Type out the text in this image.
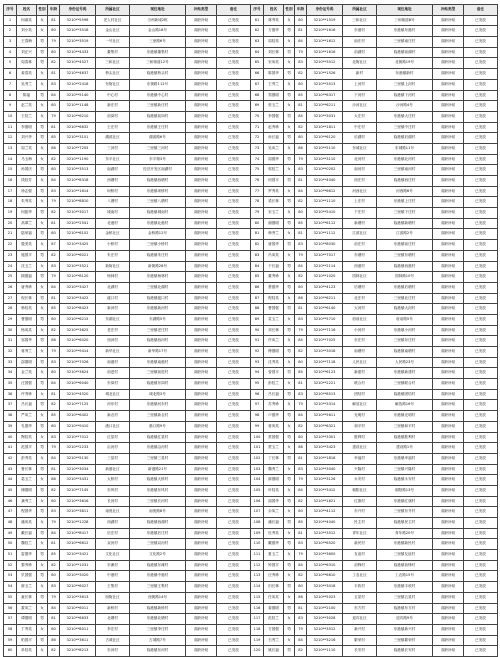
序号	姓名	性别	年龄	身份证号码	所属社区	现住地址	补贴类型	备注
1	何淑英	女	81	3210**5598	老人村社区	当州新城2栋	高龄补贴	已发放
2	刘小英	女	80	3210**3518	金山社区	金山路18号	高龄补贴	已发放
3	王春梅	男	79	3210**3519	一号社区	三里路6号	高龄补贴	已发放
4	刘正兴	男	80	3210**4433	董集村	东港镇董集村	高龄补贴	已发放
5	周春林	男	82	3210**4527	三和社区	三和街道12号	高龄补贴	已发放
6	姜春英	女	81	3210**4637	桥头社区	临港镇桥头村	高龄补贴	已发放
7	吴秀兰	女	83	3210**2418	东街社区	东街路112号	高龄补贴	已发放
8	陈福	男	84	3210**5140	中心村	东港镇中心村	高龄补贴	已发放
9	赵兰英	女	80	3210**1148	新庄村	三里镇新庄村	高龄补贴	已发放
10	王桂兰	女	79	3210**6210	前岗村	临港镇前岗村	高龄补贴	已发放
11	李德明	男	81	3210**6632	王庄村	东港镇王庄村	高龄补贴	已发放
12	刘兴华	男	85	3210**3101	湖滨社区	湖滨路6号	高龄补贴	已发放
13	周兰英	女	86	3210**7205	三河村	三里镇三河村	高龄补贴	已发放
14	马玉梅	女	82	3210**1190	东平社区	东平街3号	高龄补贴	已发放
15	孙国庆	男	80	3210**3513	南湖村	经济开发区南湖村	高龄补贴	已发放
16	钱桂芳	女	84	3210**8318	西塘村	临港镇西塘村	高龄补贴	已发放
17	徐志强	男	83	3210**1614	坝桥村	东港镇坝桥村	高龄补贴	已发放
18	朱秀英	女	79	3210**8810	八塘村	三里镇八塘村	高龄补贴	已发放
19	何振华	男	82	3210**3017	城南村	临港镇城南村	高龄补贴	已发放
20	高翠兰	女	81	3210**2541	北港村	东港镇北港村	高龄补贴	已发放
21	陆荣福	男	80	3210**6102	金桥社区	金桥路12号	高龄补贴	已发放
22	殷美英	女	87	3210**3425	小桥村	三里镇小桥村	高龄补贴	已发放
23	施国平	男	82	3210**6021	朱庄村	临港镇朱庄村	高龄补贴	已发放
24	沈玉兰	女	83	3210**3521	新街社区	新街路28号	高龄补贴	已发放
25	顾德福	男	79	3210**8120	杨林村	东港镇杨林村	高龄补贴	已发放
26	唐秀珍	女	84	3210**3427	北湖村	三里镇北湖村	高龄补贴	已发放
27	倪长林	男	81	3210**3422	渡口村	临港镇渡口村	高龄补贴	已发放
28	韩桂英	女	85	3210**8423	新河村	东港镇新河村	高龄补贴	已发放
29	曹德明	男	80	3210**6215	东湖社区	东湖路5号	高龄补贴	已发放
30	杨凤英	女	82	3210**3625	老庄村	三里镇老庄村	高龄补贴	已发放
31	邹国华	男	86	3210**6020	西河村	临港镇西河村	高龄补贴	已发放
32	蒋秀兰	女	79	3210**9414	新华社区	新华路17号	高龄补贴	已发放
33	邵德明	男	83	3210**7026	南港村	东港镇南港村	高龄补贴	已发放
34	金兰英	女	80	3210**3624	前进村	三里镇前进村	高龄补贴	已发放
35	汪国强	男	84	3210**6040	东岗村	临港镇东岗村	高龄补贴	已发放
36	许秀珍	女	81	3210**4520	城北社区	城北路3号	高龄补贴	已发放
37	吕长福	男	82	3210**7125	河东村	东港镇河东村	高龄补贴	已发放
38	严凤兰	女	85	3210**6402	新农村	三里镇新农村	高龄补贴	已发放
39	孔德华	男	80	3210**9410	港口社区	港口路9号	高龄补贴	已发放
40	陶桂英	女	83	3210**7012	红星村	临港镇红星村	高龄补贴	已发放
41	范国平	男	79	3210**2233	沿河村	东港镇沿河村	高龄补贴	已发放
42	彭秀英	女	84	3210**5130	三星村	三里镇三星村	高龄补贴	已发放
43	鲁长林	男	81	3210**3034	新港社区	新港路21号	高龄补贴	已发放
44	葛玉兰	女	86	3210**3431	大桥村	临港镇大桥村	高龄补贴	已发放
45	储德明	男	82	3210**7145	东风村	东港镇东风村	高龄补贴	已发放
46	龚秀兰	女	80	3210**3616	长河村	三里镇长河村	高龄补贴	已发放
47	程国华	男	83	3210**3811	南苑社区	南苑路8号	高龄补贴	已发放
48	潘凤英	女	79	3210**1228	西湖村	临港镇西湖村	高龄补贴	已发放
49	戴长福	男	84	3210**8417	后庄村	东港镇后庄村	高龄补贴	已发放
50	魏桂兰	女	81	3210**6612	双河村	三里镇双河村	高龄补贴	已发放
51	雷德华	男	85	3210**3421	文化社区	文化路2号	高龄补贴	已发放
52	黎秀珍	女	82	3210**1031	东滩村	临港镇东滩村	高龄补贴	已发放
53	贝国强	男	80	3210**3020	中港村	东港镇中港村	高龄补贴	已发放
54	薛玉兰	女	83	3210**6027	王集村	三里镇王集村	高龄补贴	已发放
55	童长林	男	79	3210**3613	西街社区	西街路14号	高龄补贴	已发放
56	霍凤兰	女	84	3210**6011	新桥村	临港镇新桥村	高龄补贴	已发放
57	谭德明	男	81	3210**6633	北塘村	东港镇北塘村	高龄补贴	已发放
58	卞秀英	女	80	3210**8011	李庄村	三里镇李庄村	高龄补贴	已发放
59	柏国平	男	86	3210**3611	古城社区	古城路7号	高龄补贴	已发放
60	单桂英	女	82	3210**8213	东河村	临港镇东河村	高龄补贴	已发放
序号	姓名	性别	年龄	身份证号码	所属社区	现住地址	补贴类型	备注
61	林秀英	女	80	3210**1519	三和社区	三和街道8号	高龄补贴	已发放
62	方德华	男	81	3210**1616	东港村	东港镇东港村	高龄补贴	已发放
63	周桂英	女	84	3210**1612	南庄村	三里镇南庄村	高龄补贴	已发放
64	刘长林	男	79	3210**1616	前湖村	临港镇前湖村	高龄补贴	已发放
65	宋凤英	女	83	3210**3512	北街社区	北街路19号	高龄补贴	已发放
66	陈国华	男	82	3210**1526	新村	东港镇新村	高龄补贴	已发放
67	王秀兰	女	80	3210**3513	上河村	三里镇上河村	高龄补贴	已发放
68	郑德明	男	85	3210**6317	下河村	临港镇下河村	高龄补贴	已发放
69	张玉兰	女	81	3210**6211	沙河社区	沙河路4号	高龄补贴	已发放
70	李国强	男	84	3210**3031	大庄村	东港镇大庄村	高龄补贴	已发放
71	赵秀珍	女	82	3210**1811	中庄村	三里镇中庄村	高龄补贴	已发放
72	孙长福	男	80	3210**6120	后湖村	临港镇后湖村	高龄补贴	已发放
73	吴凤兰	女	86	3210**5110	东城社区	东城路11号	高龄补贴	已发放
74	周德华	男	79	3210**3110	北河村	东港镇北河村	高龄补贴	已发放
75	郭桂兰	女	83	3210**0202	南河村	三里镇南河村	高龄补贴	已发放
76	何国平	男	81	3210**4040	西庄村	临港镇西庄村	高龄补贴	已发放
77	罗秀英	女	84	3210**6612	河西社区	河西路6号	高龄补贴	已发放
78	梁长林	男	82	3210**1110	上庄村	东港镇上庄村	高龄补贴	已发放
79	宋玉兰	女	80	3210**5410	下庄村	三里镇下庄村	高龄补贴	已发放
80	谢德明	男	85	3210**6112	新塘村	临港镇新塘村	高龄补贴	已发放
81	韩秀兰	女	81	3210**1112	江滨社区	江滨路2号	高龄补贴	已发放
82	唐国华	男	83	3210**8030	前庄村	东港镇前庄村	高龄补贴	已发放
83	冯凤英	女	79	3210**7017	东塘村	三里镇东塘村	高龄补贴	已发放
84	于长福	男	84	3210**2114	西港村	临港镇西港村	高龄补贴	已发放
85	董秀珍	女	82	3210**1020	园林社区	园林路10号	高龄补贴	已发放
86	萧德华	男	80	3210**4123	后塘村	东港镇后塘村	高龄补贴	已发放
87	程桂英	女	86	3210**6211	北庄村	三里镇北庄村	高龄补贴	已发放
88	曹国强	男	81	3210**6140	大河村	临港镇大河村	高龄补贴	已发放
89	袁玉兰	女	83	3210**5710	府前社区	府前路5号	高龄补贴	已发放
90	邓长林	男	79	3210**7116	小河村	东港镇小河村	高龄补贴	已发放
91	许凤兰	女	84	3210**7025	东庄村	三里镇东庄村	高龄补贴	已发放
92	傅德明	男	82	3210**3018	南塘村	临港镇南塘村	高龄补贴	已发放
93	沈秀英	女	80	3210**7118	人民社区	人民路23号	高龄补贴	已发放
94	曾国平	男	85	3210**6123	新建村	东港镇新建村	高龄补贴	已发放
95	彭桂兰	女	81	3210**2221	联合村	三里镇联合村	高龄补贴	已发放
96	吕长福	男	83	3210**8513	团结村	临港镇团结村	高龄补贴	已发放
97	苏秀珍	女	79	3210**3314	解放社区	解放路16号	高龄补贴	已发放
98	卢德华	男	84	3210**5611	光明村	东港镇光明村	高龄补贴	已发放
99	蒋凤英	女	82	3210**6321	和平村	三里镇和平村	高龄补贴	已发放
100	蔡国强	男	80	3210**3301	胜利村	临港镇胜利村	高龄补贴	已发放
101	贾玉兰	女	86	3210**3423	建设社区	建设路1号	高龄补贴	已发放
102	丁长林	男	81	3210**1816	幸福村	东港镇幸福村	高龄补贴	已发放
103	魏秀兰	女	83	3210**3040	兴隆村	三里镇兴隆村	高龄补贴	已发放
104	薛德明	男	79	3210**3126	永安村	临港镇永安村	高龄补贴	已发放
105	叶桂英	女	84	3210**3412	朝阳社区	朝阳路13号	高龄补贴	已发放
106	阎国华	男	82	3210**1621	红旗村	东港镇红旗村	高龄补贴	已发放
107	余凤兰	女	80	3210**4112	东升村	三里镇东升村	高龄补贴	已发放
108	潘长福	男	85	3210**4040	民主村	临港镇民主村	高龄补贴	已发放
109	杜秀英	女	81	3210**3512	青年社区	青年路20号	高龄补贴	已发放
110	戴德华	男	83	3210**6520	新民村	东港镇新民村	高龄补贴	已发放
111	夏玉兰	女	79	3210**3600	友谊村	三里镇友谊村	高龄补贴	已发放
112	钟国平	男	84	3210**6310	前锋村	临港镇前锋村	高龄补贴	已发放
113	汪秀珍	女	82	3210**6610	工农社区	工农路15号	高龄补贴	已发放
114	田长林	男	80	3210**3018	丰收村	东港镇丰收村	高龄补贴	已发放
115	任凤英	女	86	3210**5023	五星村	三里镇五星村	高龄补贴	已发放
116	姜德明	男	81	3210**2100	东方村	临港镇东方村	高龄补贴	已发放
117	范桂兰	女	83	3210**3028	迎宾社区	迎宾路9号	高龄补贴	已发放
118	方国强	男	79	3210**3512	新兴村	东港镇新兴村	高龄补贴	已发放
119	石秀兰	女	84	3210**3216	繁荣村	三里镇繁荣村	高龄补贴	已发放
120	姚长福	男	82	3210**1110	长安村	临港镇长安村	高龄补贴	已发放
